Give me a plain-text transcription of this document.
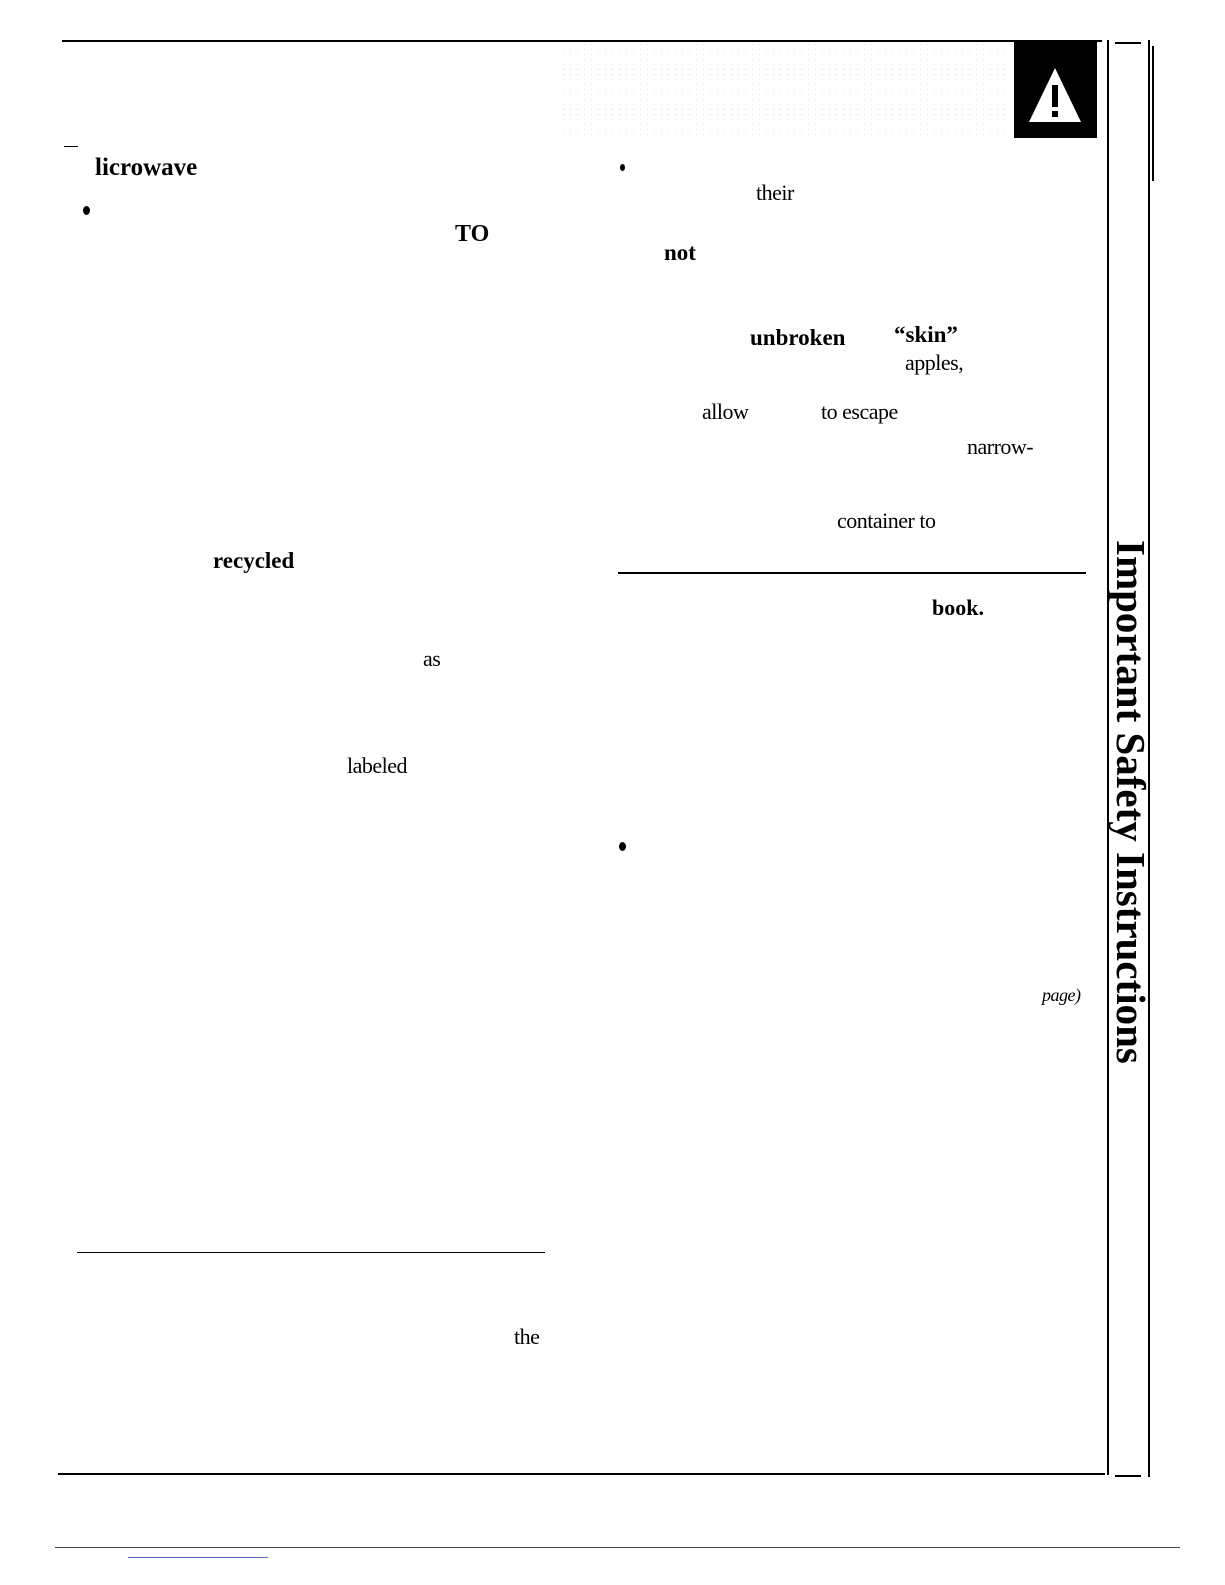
Important Safety Instructions
licrowave
TO
recycled
as
labeled
the
their
not
unbroken “skin”
apples,
allow	to escape
narrow-
container to
book.
page)
